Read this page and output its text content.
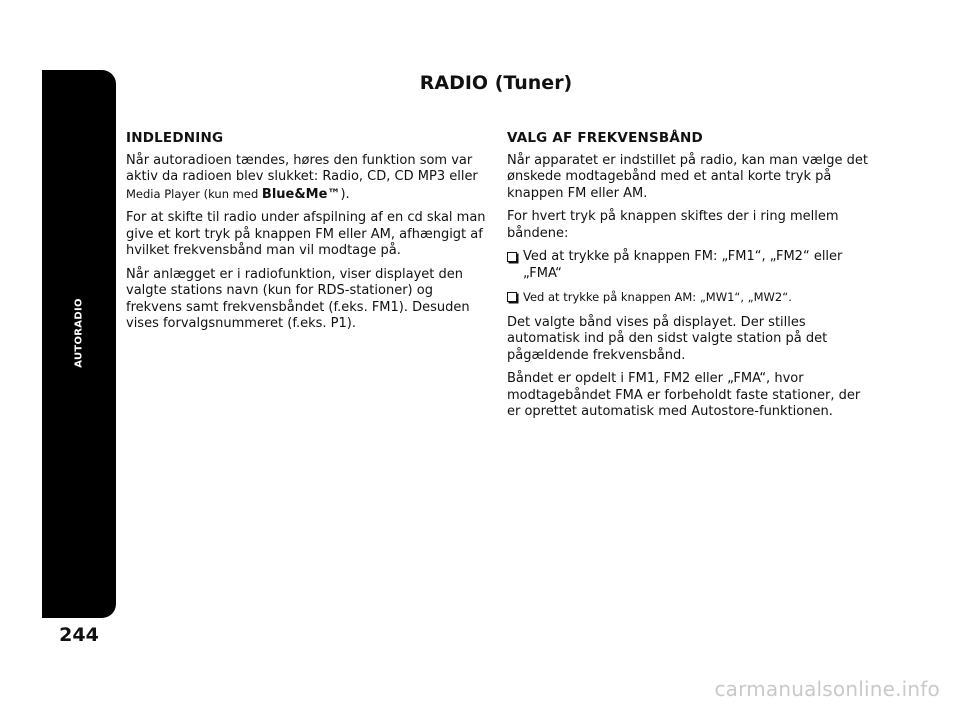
AUTORADIO
244
RADIO (Tuner)
INDLEDNING

Når autoradioen tændes, høres den funktion som var aktiv da radioen blev slukket: Radio, CD, CD MP3 eller Media Player (kun med Blue&Me™).

For at skifte til radio under afspilning af en cd skal man give et kort tryk på knappen FM eller AM, afhængigt af hvilket frekvensbånd man vil modtage på.

Når anlægget er i radiofunktion, viser displayet den valgte stations navn (kun for RDS-stationer) og frekvens samt frekvensbåndet (f.eks. FM1). Desuden vises forvalgsnummeret (f.eks. P1).

VALG AF FREKVENSBÅND

Når apparatet er indstillet på radio, kan man vælge det ønskede modtagebånd med et antal korte tryk på knappen FM eller AM.

For hvert tryk på knappen skiftes der i ring mellem båndene:

Ved at trykke på knappen FM: „FM1“, „FM2“ eller „FMA“
Ved at trykke på knappen AM: „MW1“, „MW2“.

Det valgte bånd vises på displayet. Der stilles automatisk ind på den sidst valgte station på det pågældende frekvensbånd.

Båndet er opdelt i FM1, FM2 eller „FMA“, hvor modtagebåndet FMA er forbeholdt faste stationer, der er oprettet automatisk med Autostore-funktionen.

carmanualsonline.info
